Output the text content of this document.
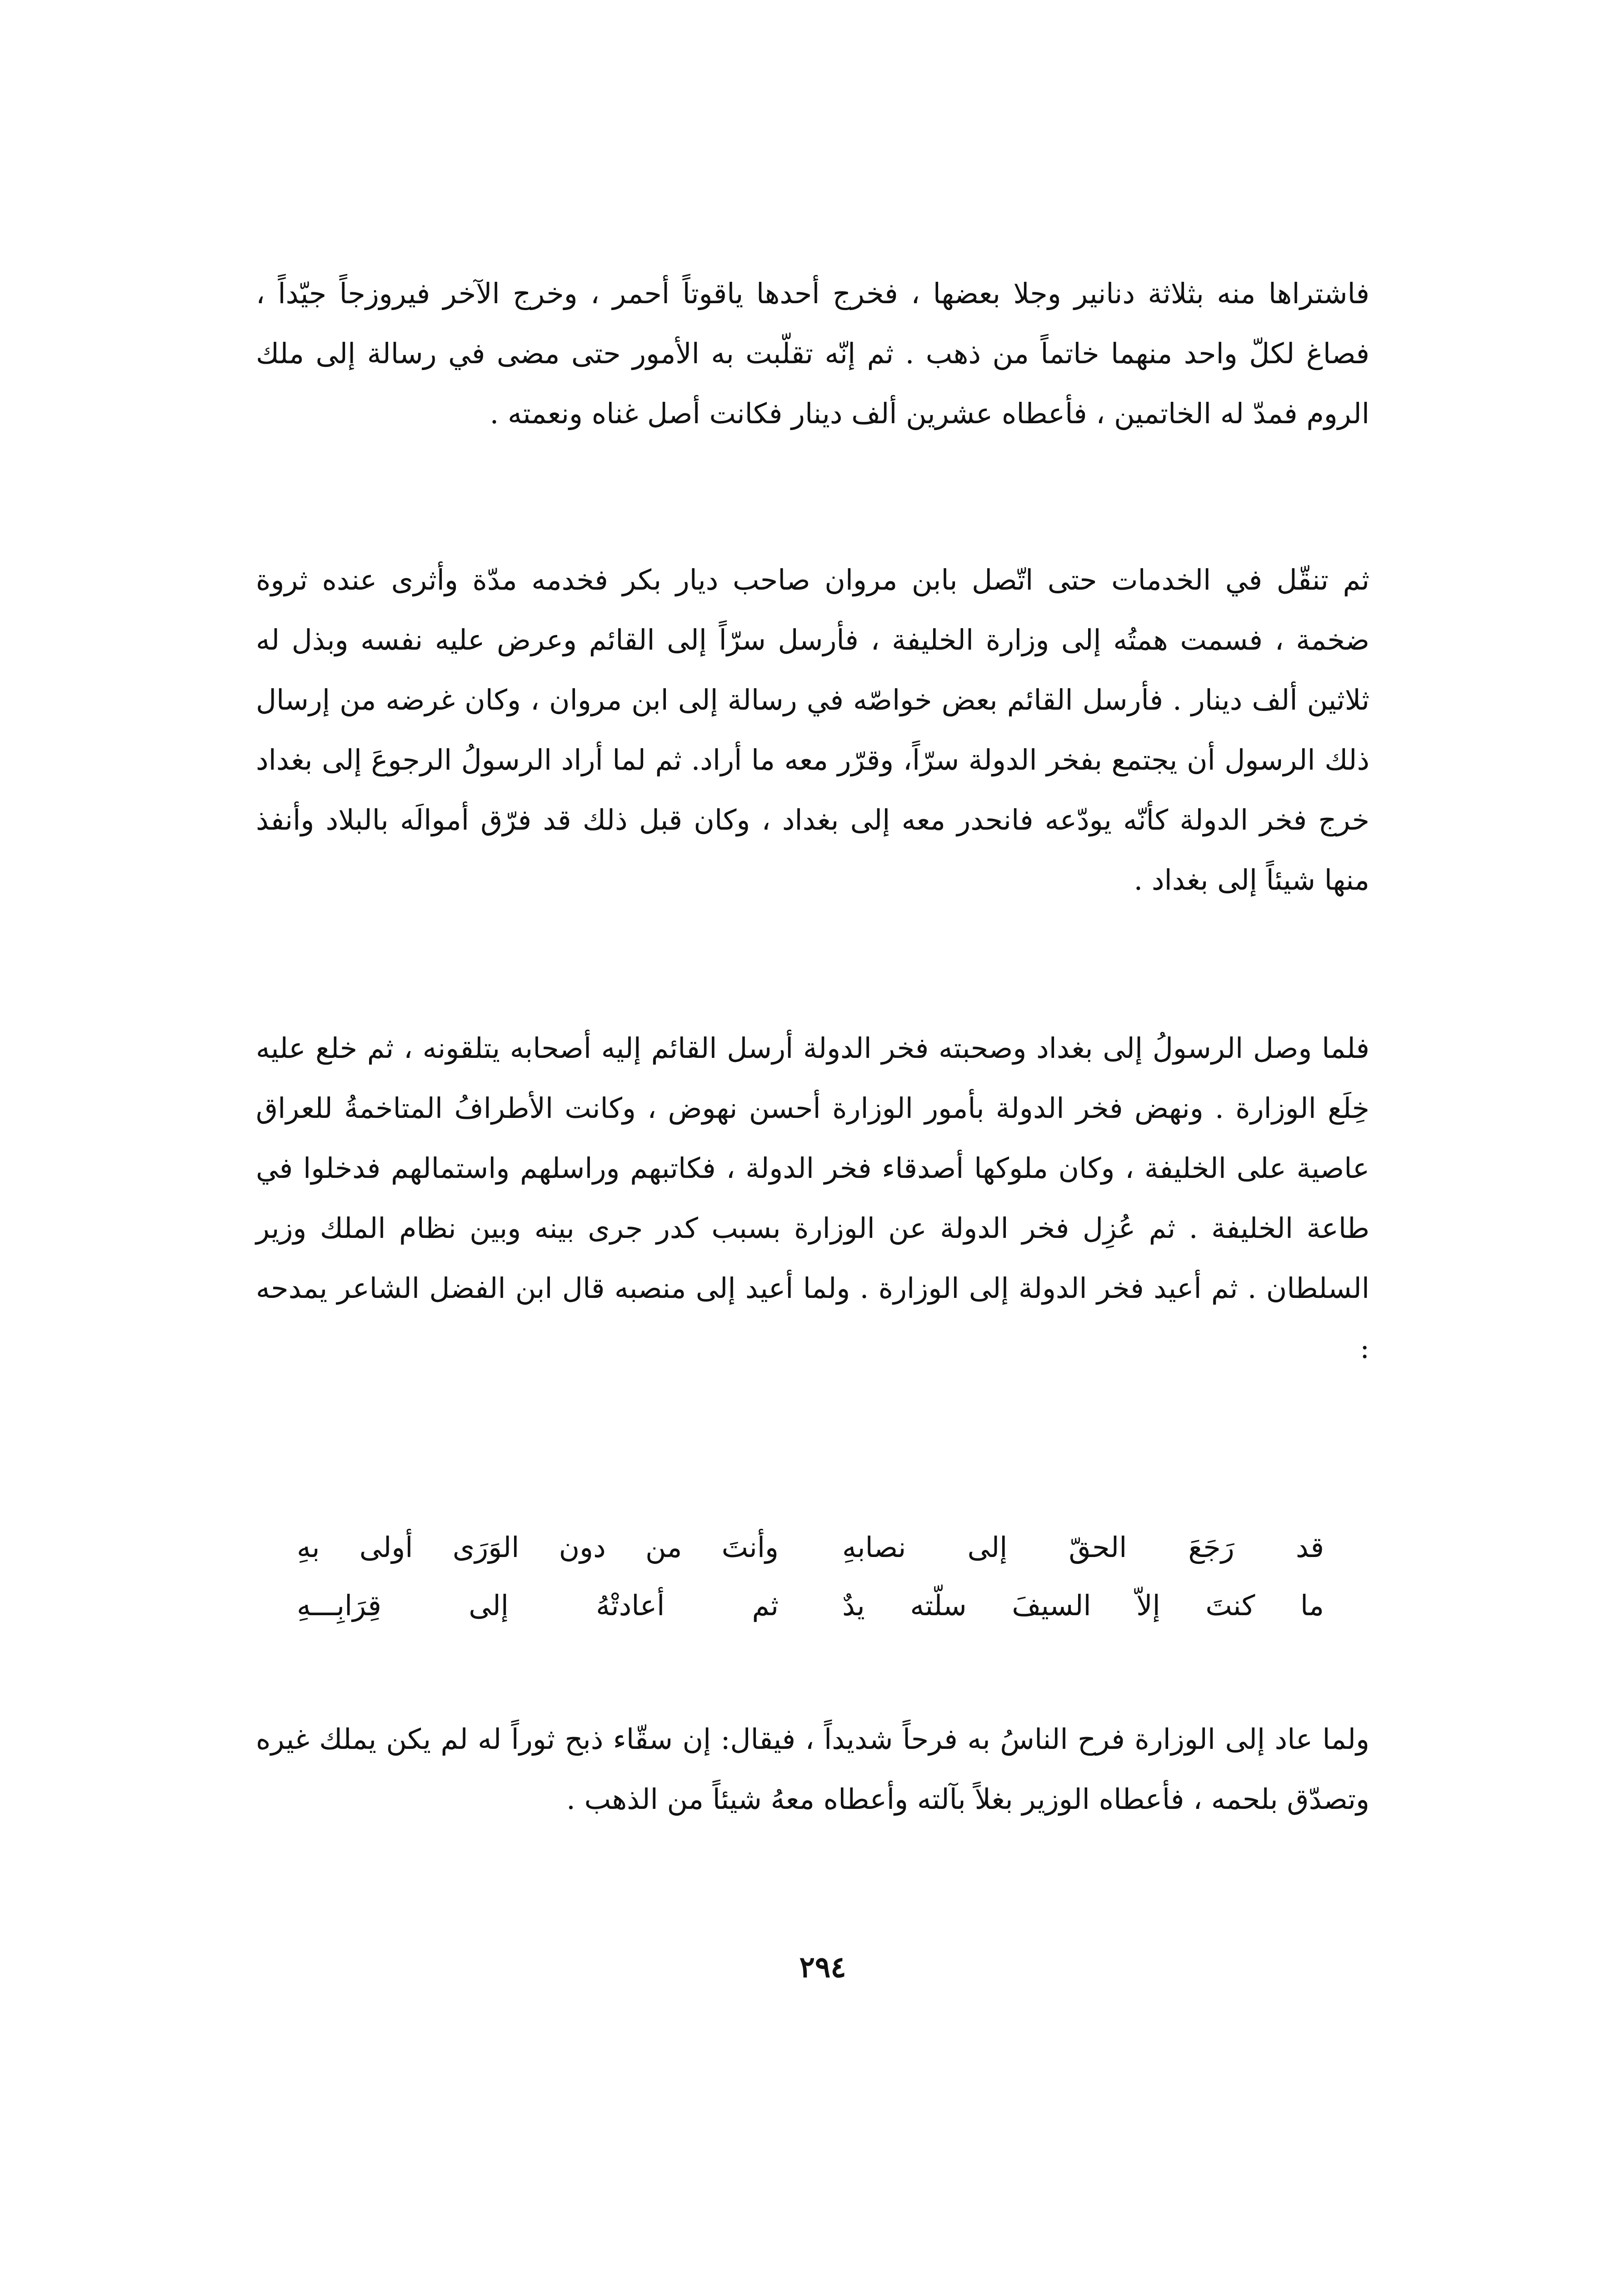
فاشتراها منه بثلاثة دنانير وجلا بعضها ، فخرج أحدها ياقوتاً أحمر ، وخرج الآخر فيروزجاً جيّداً ، فصاغ لكلّ واحد منهما خاتماً من ذهب . ثم إنّه تقلّبت به الأمور حتى مضى في رسالة إلى ملك الروم فمدّ له الخاتمين ، فأعطاه عشرين ألف دينار فكانت أصل غناه ونعمته .

ثم تنقّل في الخدمات حتى اتّصل بابن مروان صاحب ديار بكر فخدمه مدّة وأثرى عنده ثروة ضخمة ، فسمت همتُه إلى وزارة الخليفة ، فأرسل سرّاً إلى القائم وعرض عليه نفسه وبذل له ثلاثين ألف دينار . فأرسل القائم بعض خواصّه في رسالة إلى ابن مروان ، وكان غرضه من إرسال ذلك الرسول أن يجتمع بفخر الدولة سرّاً، وقرّر معه ما أراد. ثم لما أراد الرسولُ الرجوعَ إلى بغداد خرج فخر الدولة كأنّه يودّعه فانحدر معه إلى بغداد ، وكان قبل ذلك قد فرّق أموالَه بالبلاد وأنفذ منها شيئاً إلى بغداد .

فلما وصل الرسولُ إلى بغداد وصحبته فخر الدولة أرسل القائم إليه أصحابه يتلقونه ، ثم خلع عليه خِلَع الوزارة . ونهض فخر الدولة بأمور الوزارة أحسن نهوض ، وكانت الأطرافُ المتاخمةُ للعراق عاصية على الخليفة ، وكان ملوكها أصدقاء فخر الدولة ، فكاتبهم وراسلهم واستمالهم فدخلوا في طاعة الخليفة . ثم عُزِل فخر الدولة عن الوزارة بسبب كدر جرى بينه وبين نظام الملك وزير السلطان . ثم أعيد فخر الدولة إلى الوزارة . ولما أعيد إلى منصبه قال ابن الفضل الشاعر يمدحه :

قد رَجَعَ الحقّ إلى نصابهِ
وأنتَ من دون الوَرَى أولى بهِ
ما كنتَ إلاّ السيفَ سلّته يدٌ
ثم أعادتْهُ إلى قِرَابِـــهِ

ولما عاد إلى الوزارة فرح الناسُ به فرحاً شديداً ، فيقال: إن سقّاء ذبح ثوراً له لم يكن يملك غيره وتصدّق بلحمه ، فأعطاه الوزير بغلاً بآلته وأعطاه معهُ شيئاً من الذهب .

٢٩٤
